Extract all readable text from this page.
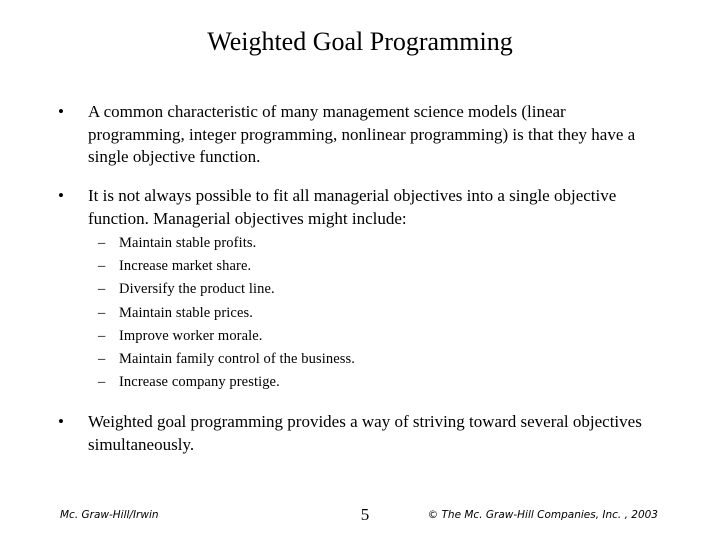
Weighted Goal Programming
•	A common characteristic of many management science models (linear programming, integer programming, nonlinear programming) is that they have a single objective function.
•	It is not always possible to fit all managerial objectives into a single objective function. Managerial objectives might include:
– Maintain stable profits.
– Increase market share.
– Diversify the product line.
– Maintain stable prices.
– Improve worker morale.
– Maintain family control of the business.
– Increase company prestige.
•	Weighted goal programming provides a way of striving toward several objectives simultaneously.
Mc. Graw-Hill/Irwin	5	© The Mc. Graw-Hill Companies, Inc. , 2003
